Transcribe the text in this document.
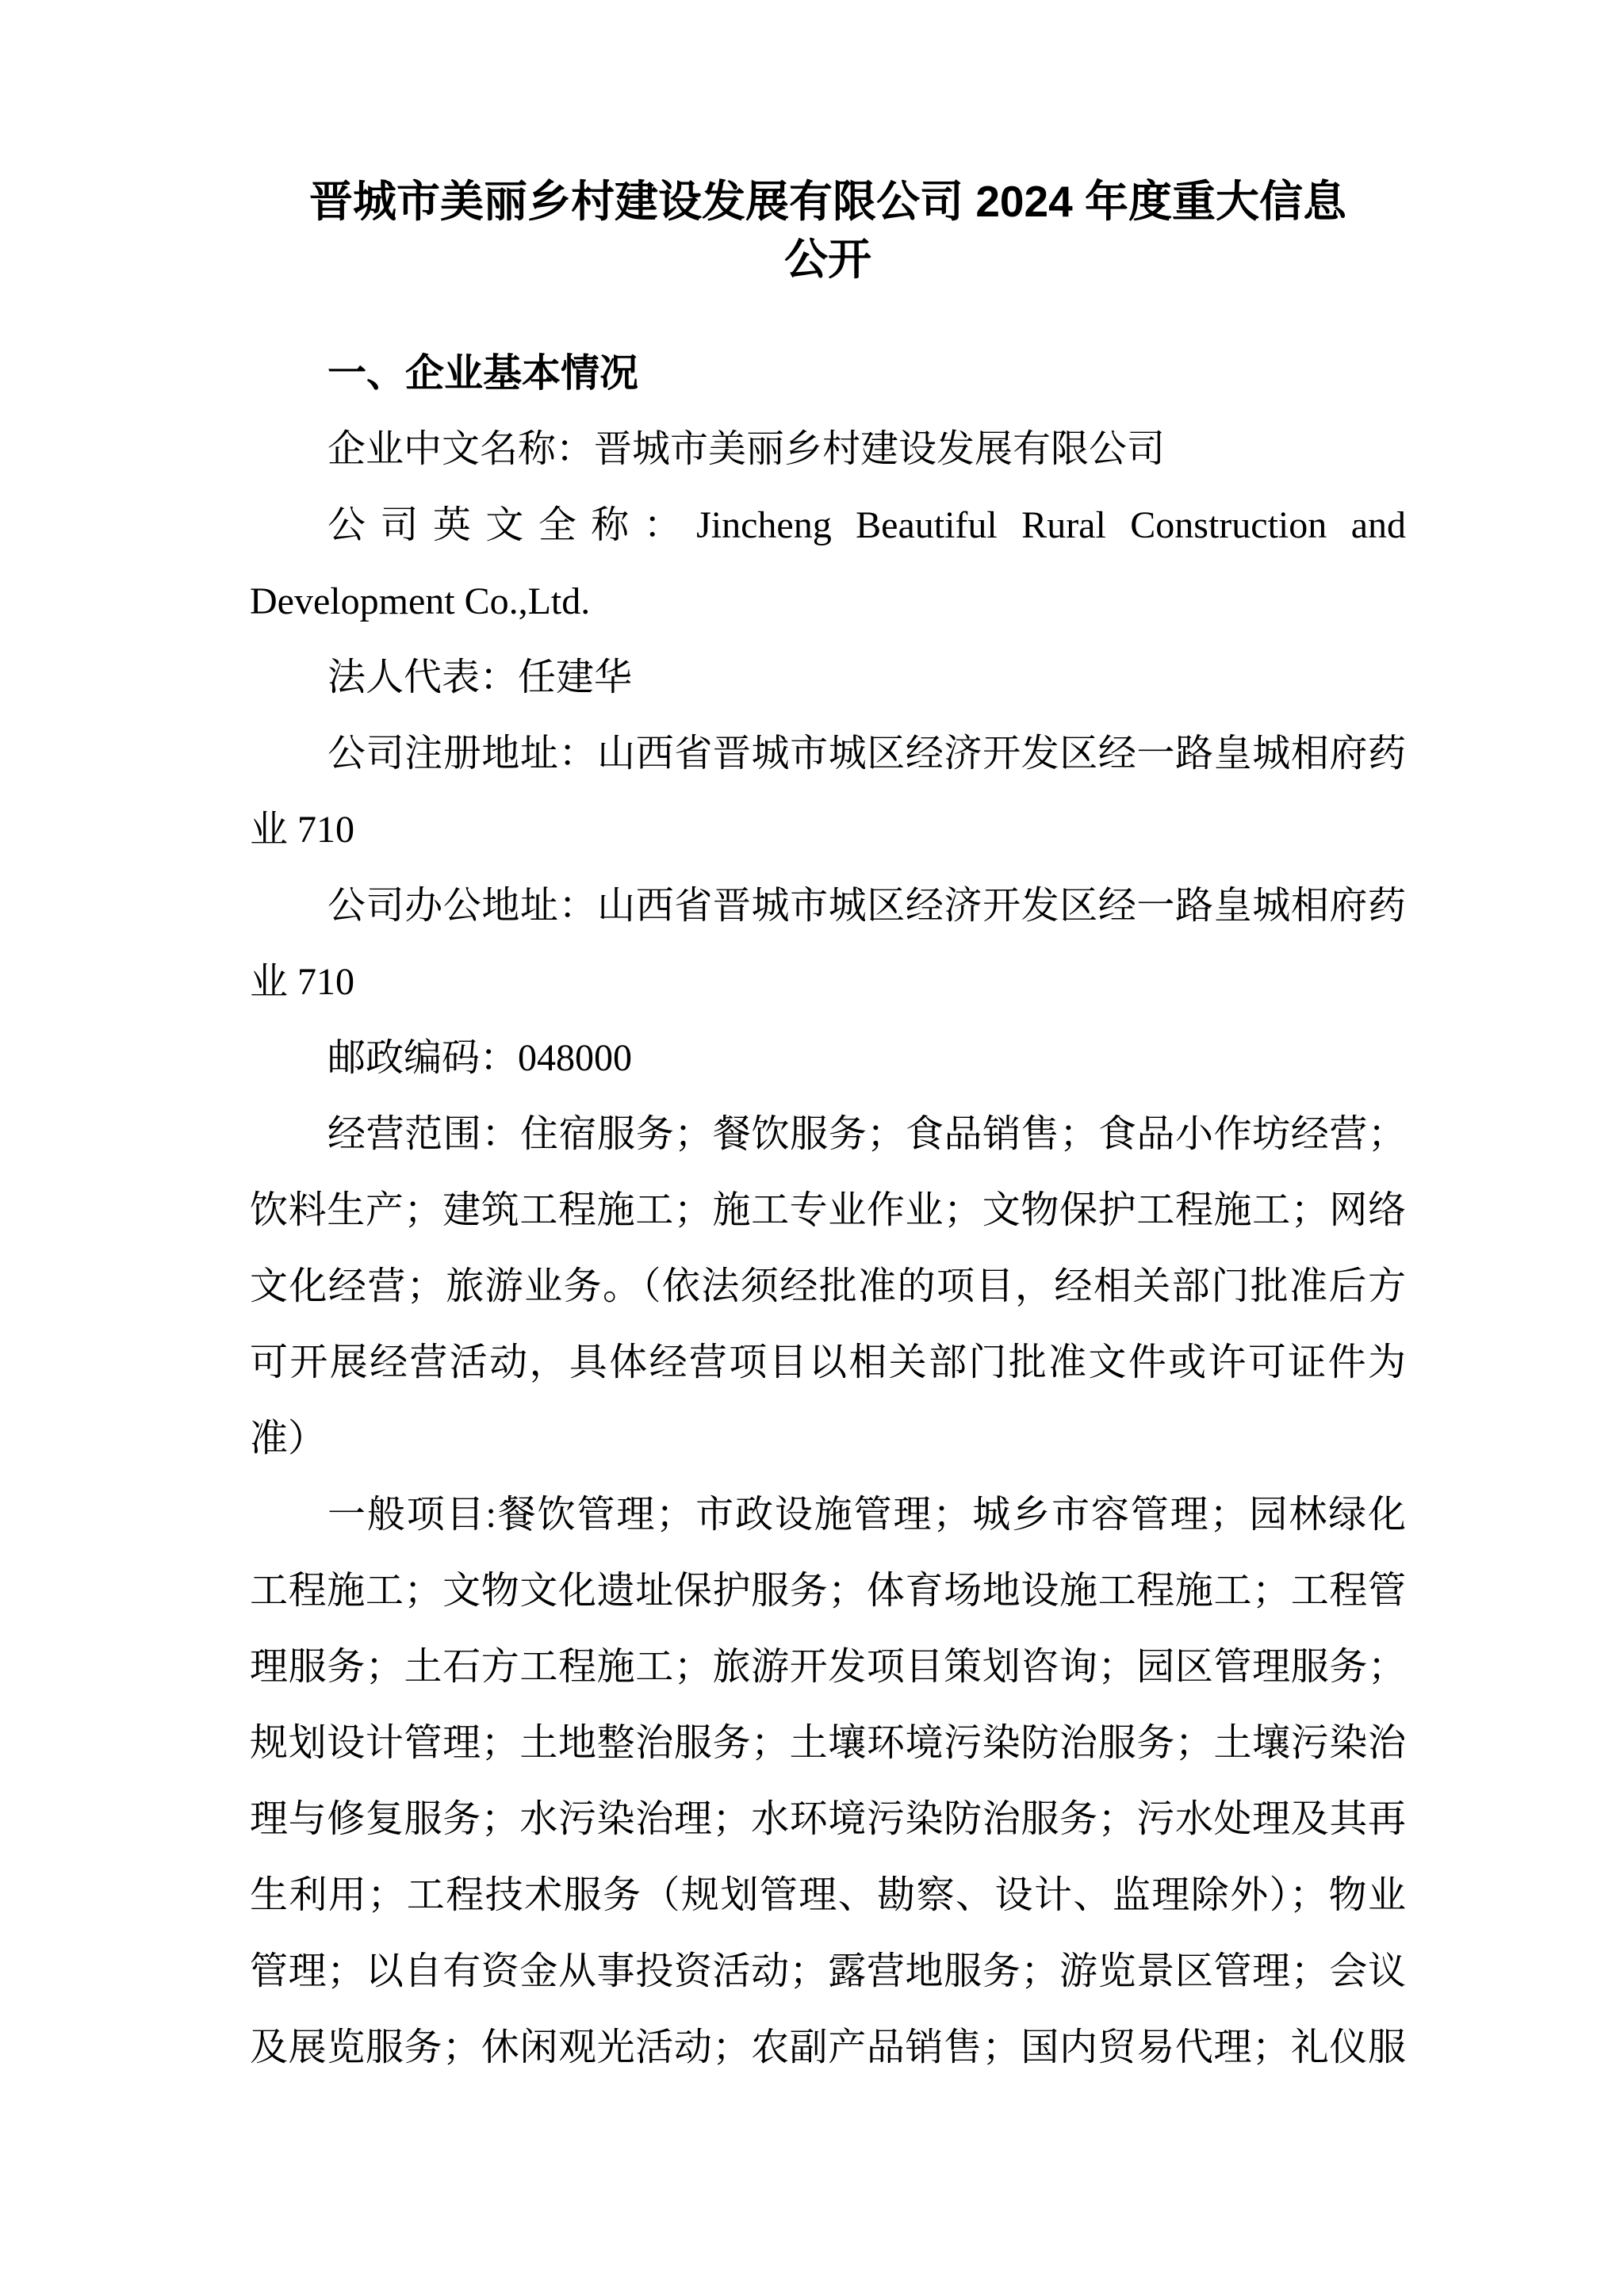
晋城市美丽乡村建设发展有限公司 2024 年度重大信息
公开
一、企业基本情况
企业中文名称：晋城市美丽乡村建设发展有限公司
公司英文全称：Jincheng Beautiful Rural Construction and
Development Co.,Ltd.
法人代表：任建华
公司注册地址：山西省晋城市城区经济开发区经一路皇城相府药
业 710
公司办公地址：山西省晋城市城区经济开发区经一路皇城相府药
业 710
邮政编码：048000
经营范围：住宿服务；餐饮服务；食品销售；食品小作坊经营；
饮料生产；建筑工程施工；施工专业作业；文物保护工程施工；网络
文化经营；旅游业务。（依法须经批准的项目，经相关部门批准后方
可开展经营活动，具体经营项目以相关部门批准文件或许可证件为
准）
一般项目:餐饮管理；市政设施管理；城乡市容管理；园林绿化
工程施工；文物文化遗址保护服务；体育场地设施工程施工；工程管
理服务；土石方工程施工；旅游开发项目策划咨询；园区管理服务；
规划设计管理；土地整治服务；土壤环境污染防治服务；土壤污染治
理与修复服务；水污染治理；水环境污染防治服务；污水处理及其再
生利用；工程技术服务（规划管理、勘察、设计、监理除外）；物业
管理；以自有资金从事投资活动；露营地服务；游览景区管理；会议
及展览服务；休闲观光活动；农副产品销售；国内贸易代理；礼仪服
